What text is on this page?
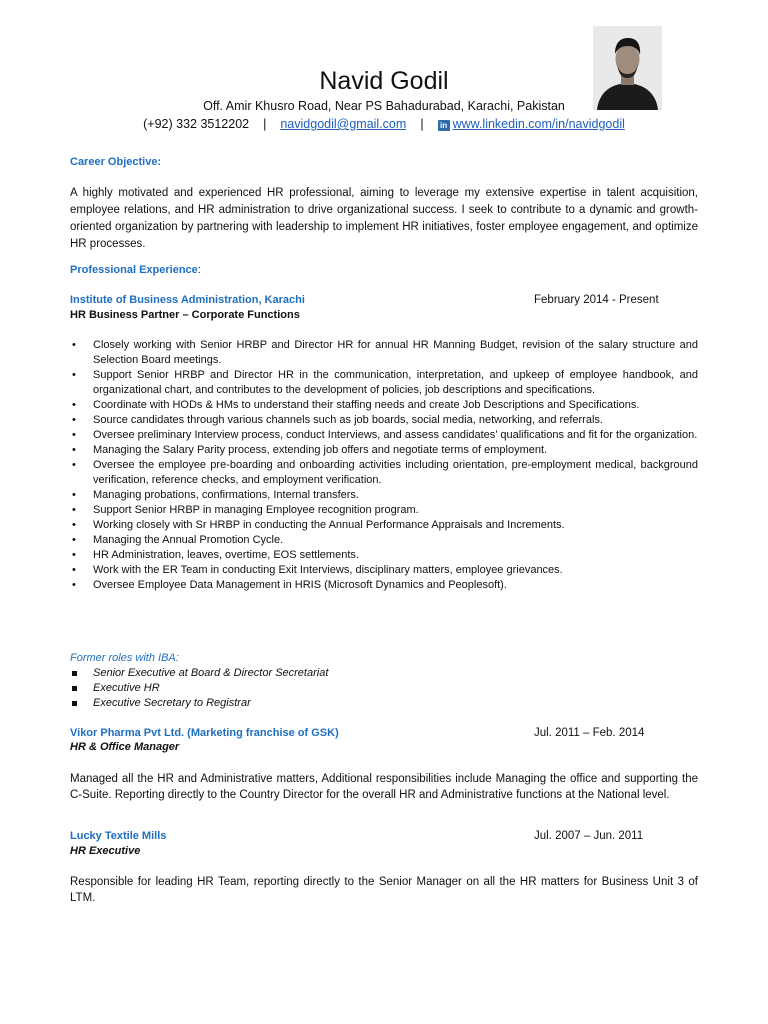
Navid Godil
Off. Amir Khusro Road, Near PS Bahadurabad, Karachi, Pakistan
(+92) 332 3512202 | navidgodil@gmail.com | in www.linkedin.com/in/navidgodil
Career Objective:
A highly motivated and experienced HR professional, aiming to leverage my extensive expertise in talent acquisition, employee relations, and HR administration to drive organizational success. I seek to contribute to a dynamic and growth-oriented organization by partnering with leadership to implement HR initiatives, foster employee engagement, and optimize HR processes.
Professional Experience:
Institute of Business Administration, Karachi	February 2014 - Present
HR Business Partner – Corporate Functions
• Closely working with Senior HRBP and Director HR for annual HR Manning Budget, revision of the salary structure and Selection Board meetings.
• Support Senior HRBP and Director HR in the communication, interpretation, and upkeep of employee handbook, and organizational chart, and contributes to the development of policies, job descriptions and specifications.
• Coordinate with HODs & HMs to understand their staffing needs and create Job Descriptions and Specifications.
• Source candidates through various channels such as job boards, social media, networking, and referrals.
• Oversee preliminary Interview process, conduct Interviews, and assess candidates’ qualifications and fit for the organization.
• Managing the Salary Parity process, extending job offers and negotiate terms of employment.
• Oversee the employee pre-boarding and onboarding activities including orientation, pre-employment medical, background verification, reference checks, and employment verification.
• Managing probations, confirmations, Internal transfers.
• Support Senior HRBP in managing Employee recognition program.
• Working closely with Sr HRBP in conducting the Annual Performance Appraisals and Increments.
• Managing the Annual Promotion Cycle.
• HR Administration, leaves, overtime, EOS settlements.
• Work with the ER Team in conducting Exit Interviews, disciplinary matters, employee grievances.
• Oversee Employee Data Management in HRIS (Microsoft Dynamics and Peoplesoft).
Former roles with IBA:
Senior Executive at Board & Director Secretariat
Executive HR
Executive Secretary to Registrar
Vikor Pharma Pvt Ltd. (Marketing franchise of GSK)	Jul. 2011 – Feb. 2014
HR & Office Manager
Managed all the HR and Administrative matters, Additional responsibilities include Managing the office and supporting the C-Suite. Reporting directly to the Country Director for the overall HR and Administrative functions at the National level.
Lucky Textile Mills	Jul. 2007 – Jun. 2011
HR Executive
Responsible for leading HR Team, reporting directly to the Senior Manager on all the HR matters for Business Unit 3 of LTM.
